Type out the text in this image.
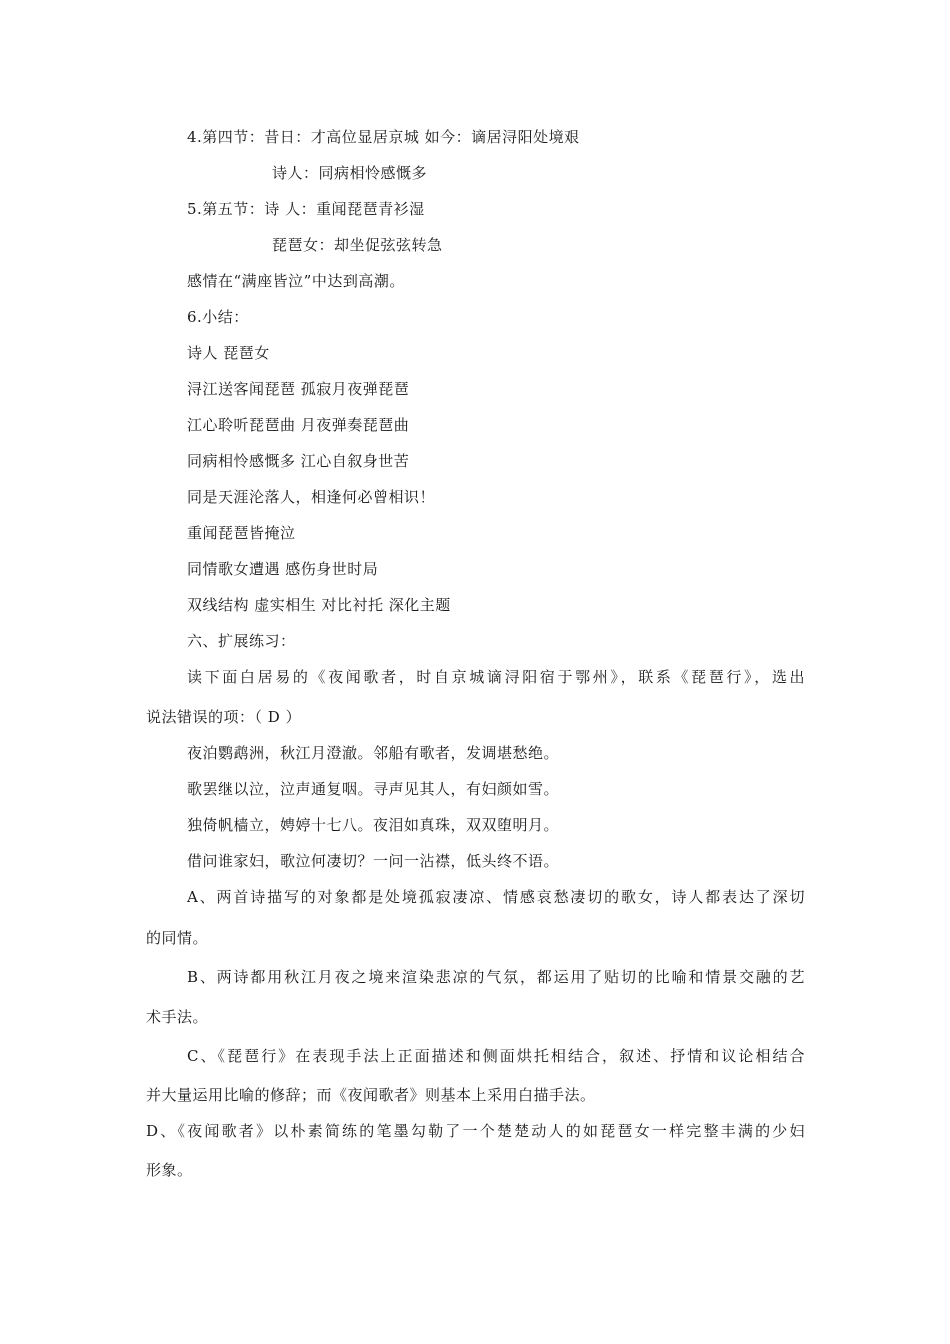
4.第四节：昔日：才高位显居京城 如今：谪居浔阳处境艰
诗人：同病相怜感慨多
5.第五节：诗 人：重闻琵琶青衫湿
琵琶女：却坐促弦弦转急
感情在“满座皆泣”中达到高潮。
6.小结：
诗人 琵琶女
浔江送客闻琵琶 孤寂月夜弹琵琶
江心聆听琵琶曲 月夜弹奏琵琶曲
同病相怜感慨多 江心自叙身世苦
同是天涯沦落人，相逢何必曾相识！
重闻琵琶皆掩泣
同情歌女遭遇 感伤身世时局
双线结构 虚实相生 对比衬托 深化主题
六、扩展练习：
读下面白居易的《夜闻歌者，时自京城谪浔阳宿于鄂州》，联系《琵琶行》，选出
说法错误的项：（ D ）
夜泊鹦鹉洲，秋江月澄澈。邻船有歌者，发调堪愁绝。
歌罢继以泣，泣声通复咽。寻声见其人，有妇颜如雪。
独倚帆樯立，娉婷十七八。夜泪如真珠，双双堕明月。
借问谁家妇，歌泣何凄切？一问一沾襟，低头终不语。
A、两首诗描写的对象都是处境孤寂凄凉、情感哀愁凄切的歌女，诗人都表达了深切
的同情。
B、两诗都用秋江月夜之境来渲染悲凉的气氛，都运用了贴切的比喻和情景交融的艺
术手法。
C、《琵琶行》在表现手法上正面描述和侧面烘托相结合，叙述、抒情和议论相结合
并大量运用比喻的修辞；而《夜闻歌者》则基本上采用白描手法。
D、《夜闻歌者》以朴素简练的笔墨勾勒了一个楚楚动人的如琵琶女一样完整丰满的少妇
形象。
